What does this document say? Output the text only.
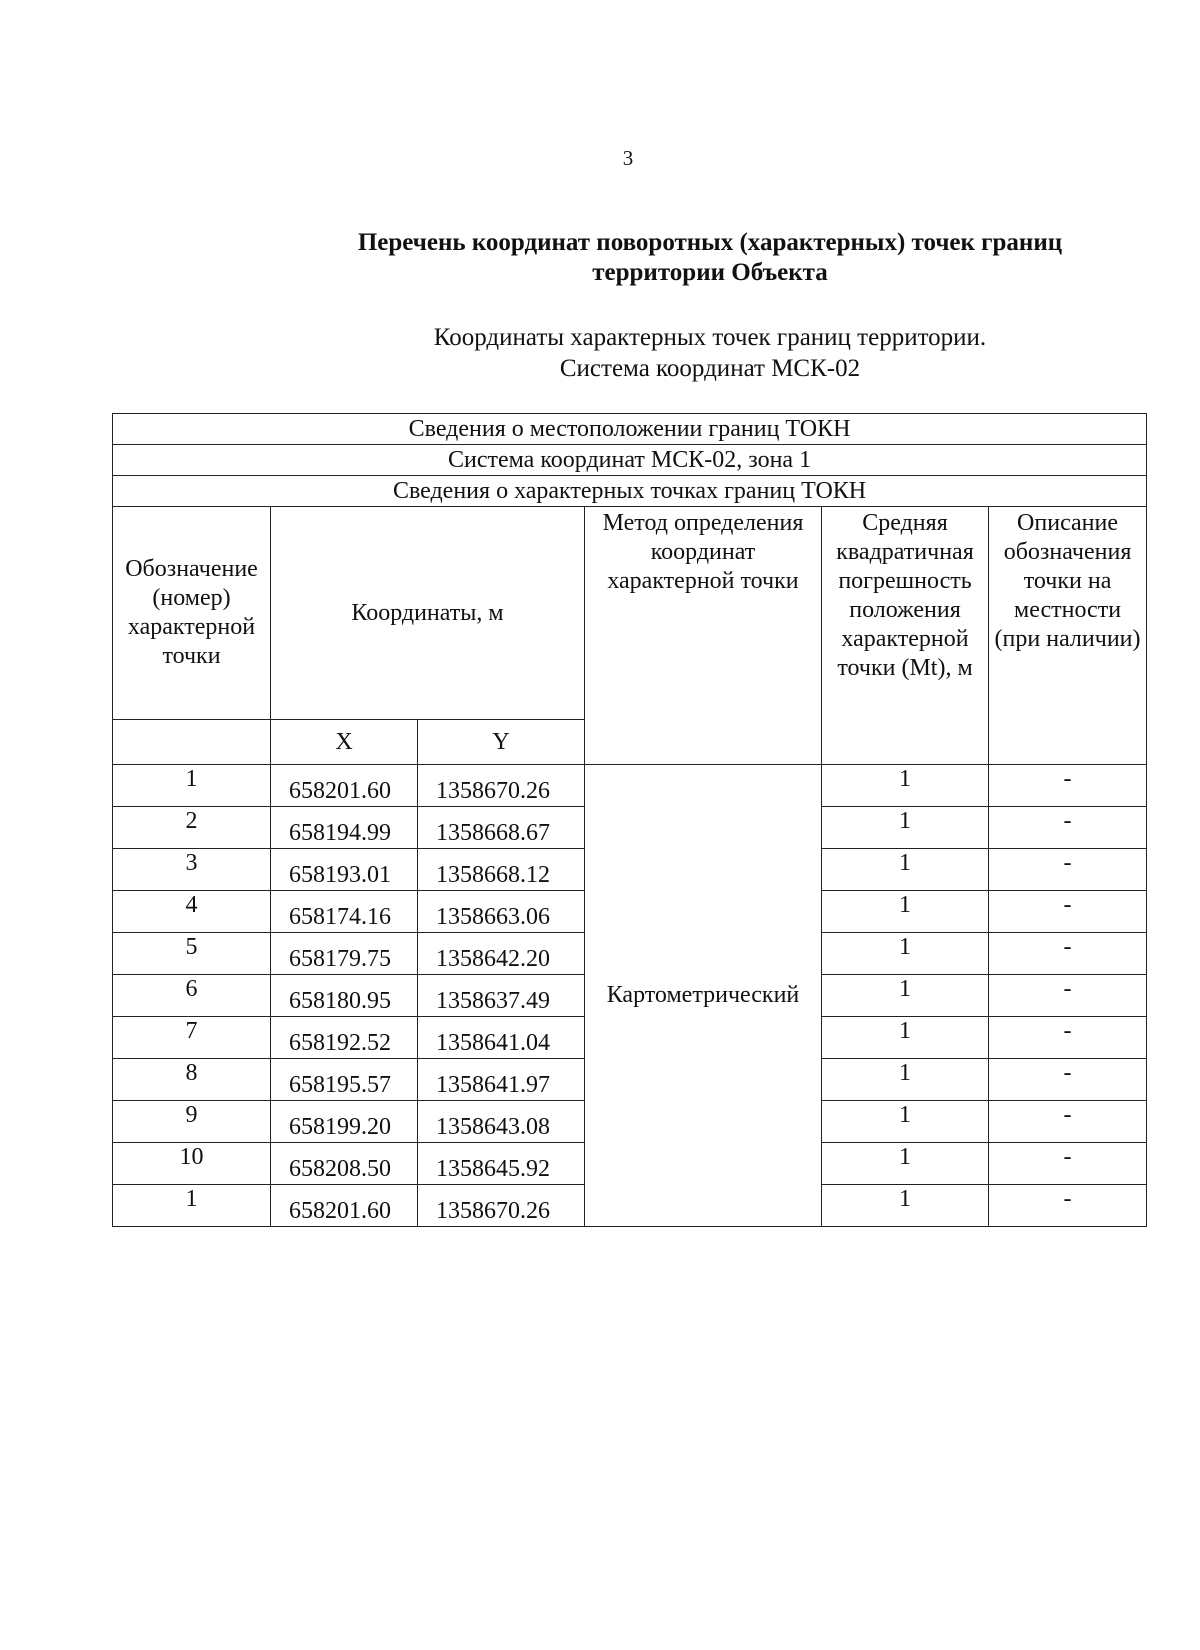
3
Перечень координат поворотных (характерных) точек границ
территории Объекта
Координаты характерных точек границ территории.
Система координат МСК-02
Сведения о местоположении границ ТОКН					
Система координат МСК-02, зона 1					
Сведения о характерных точках границ ТОКН					
Обозначение (номер) характерной точки	Координаты, м		Метод определения координат характерной точки	Средняя квадратичная погрешность положения характерной точки (Mt), м	Описание обозначения точки на местности (при наличии)
	X	Y			
1	658201.60	1358670.26	Картометрический	1	-
2	658194.99	1358668.67		1	-
3	658193.01	1358668.12		1	-
4	658174.16	1358663.06		1	-
5	658179.75	1358642.20		1	-
6	658180.95	1358637.49		1	-
7	658192.52	1358641.04		1	-
8	658195.57	1358641.97		1	-
9	658199.20	1358643.08		1	-
10	658208.50	1358645.92		1	-
1	658201.60	1358670.26		1	-
